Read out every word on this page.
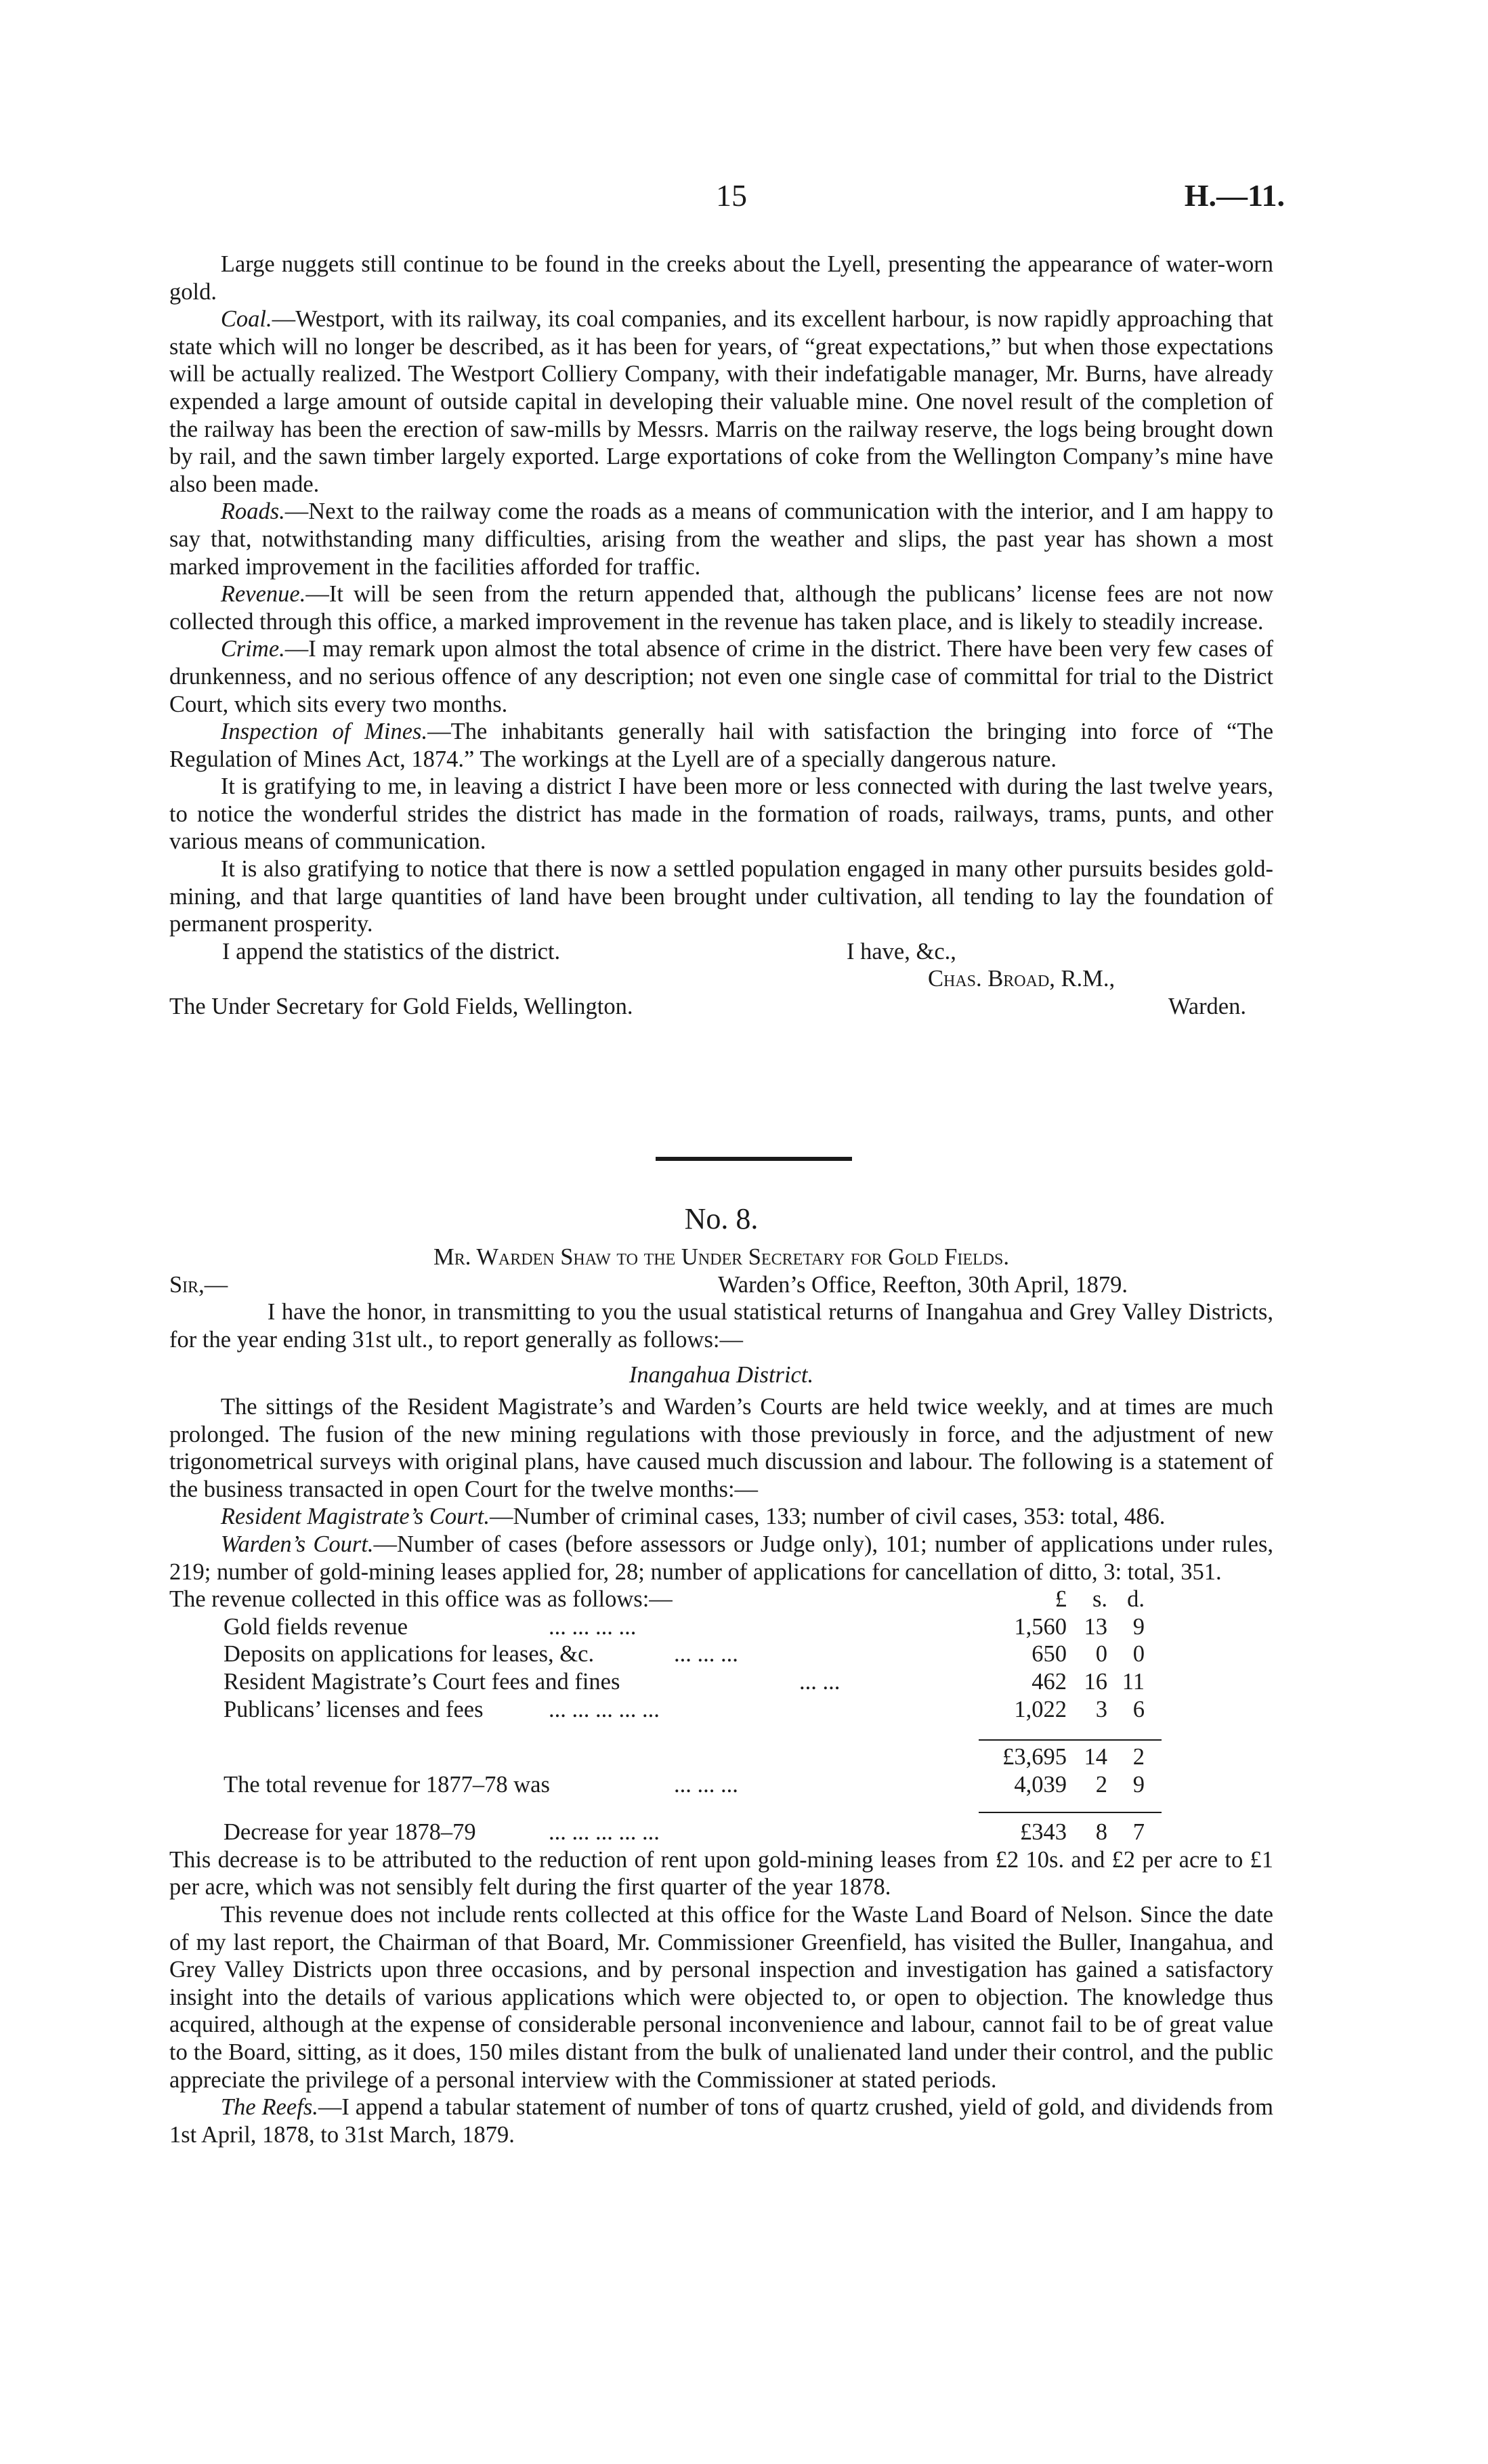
15	H.—11.

Large nuggets still continue to be found in the creeks about the Lyell, presenting the appearance of water-worn gold.

Coal.—Westport, with its railway, its coal companies, and its excellent harbour, is now rapidly approaching that state which will no longer be described, as it has been for years, of “great expectations,” but when those expectations will be actually realized. The Westport Colliery Company, with their indefatigable manager, Mr. Burns, have already expended a large amount of outside capital in developing their valuable mine. One novel result of the completion of the railway has been the erection of saw-mills by Messrs. Marris on the railway reserve, the logs being brought down by rail, and the sawn timber largely exported. Large exportations of coke from the Wellington Company’s mine have also been made.

Roads.—Next to the railway come the roads as a means of communication with the interior, and I am happy to say that, notwithstanding many difficulties, arising from the weather and slips, the past year has shown a most marked improvement in the facilities afforded for traffic.

Revenue.—It will be seen from the return appended that, although the publicans’ license fees are not now collected through this office, a marked improvement in the revenue has taken place, and is likely to steadily increase.

Crime.—I may remark upon almost the total absence of crime in the district. There have been very few cases of drunkenness, and no serious offence of any description; not even one single case of committal for trial to the District Court, which sits every two months.

Inspection of Mines.—The inhabitants generally hail with satisfaction the bringing into force of “The Regulation of Mines Act, 1874.” The workings at the Lyell are of a specially dangerous nature.

It is gratifying to me, in leaving a district I have been more or less connected with during the last twelve years, to notice the wonderful strides the district has made in the formation of roads, railways, trams, punts, and other various means of communication.

It is also gratifying to notice that there is now a settled population engaged in many other pursuits besides gold-mining, and that large quantities of land have been brought under cultivation, all tending to lay the foundation of permanent prosperity.

I append the statistics of the district.	I have, &c.,
Chas. Broad, R.M.,
The Under Secretary for Gold Fields, Wellington.	Warden.

No. 8.

Mr. Warden Shaw to the Under Secretary for Gold Fields.

Sir,—	Warden’s Office, Reefton, 30th April, 1879.

I have the honor, in transmitting to you the usual statistical returns of Inangahua and Grey Valley Districts, for the year ending 31st ult., to report generally as follows:—

Inangahua District.

The sittings of the Resident Magistrate’s and Warden’s Courts are held twice weekly, and at times are much prolonged. The fusion of the new mining regulations with those previously in force, and the adjustment of new trigonometrical surveys with original plans, have caused much discussion and labour. The following is a statement of the business transacted in open Court for the twelve months:—

Resident Magistrate’s Court.—Number of criminal cases, 133; number of civil cases, 353: total, 486.

Warden’s Court.—Number of cases (before assessors or Judge only), 101; number of applications under rules, 219; number of gold-mining leases applied for, 28; number of applications for cancellation of ditto, 3: total, 351.

The revenue collected in this office was as follows:—	£ s. d.
Gold fields revenue	... ... ... ...	1,560 13 9
Deposits on applications for leases, &c.	... ... ...	650 0 0
Resident Magistrate’s Court fees and fines	... ...	462 16 11
Publicans’ licenses and fees	... ... ... ... ...	1,022 3 6
£3,695 14 2
The total revenue for 1877–78 was	... ... ...	4,039 2 9
Decrease for year 1878–79	... ... ... ... ...	£343 8 7

This decrease is to be attributed to the reduction of rent upon gold-mining leases from £2 10s. and £2 per acre to £1 per acre, which was not sensibly felt during the first quarter of the year 1878.

This revenue does not include rents collected at this office for the Waste Land Board of Nelson. Since the date of my last report, the Chairman of that Board, Mr. Commissioner Greenfield, has visited the Buller, Inangahua, and Grey Valley Districts upon three occasions, and by personal inspection and investigation has gained a satisfactory insight into the details of various applications which were objected to, or open to objection. The knowledge thus acquired, although at the expense of considerable personal inconvenience and labour, cannot fail to be of great value to the Board, sitting, as it does, 150 miles distant from the bulk of unalienated land under their control, and the public appreciate the privilege of a personal interview with the Commissioner at stated periods.

The Reefs.—I append a tabular statement of number of tons of quartz crushed, yield of gold, and dividends from 1st April, 1878, to 31st March, 1879.
